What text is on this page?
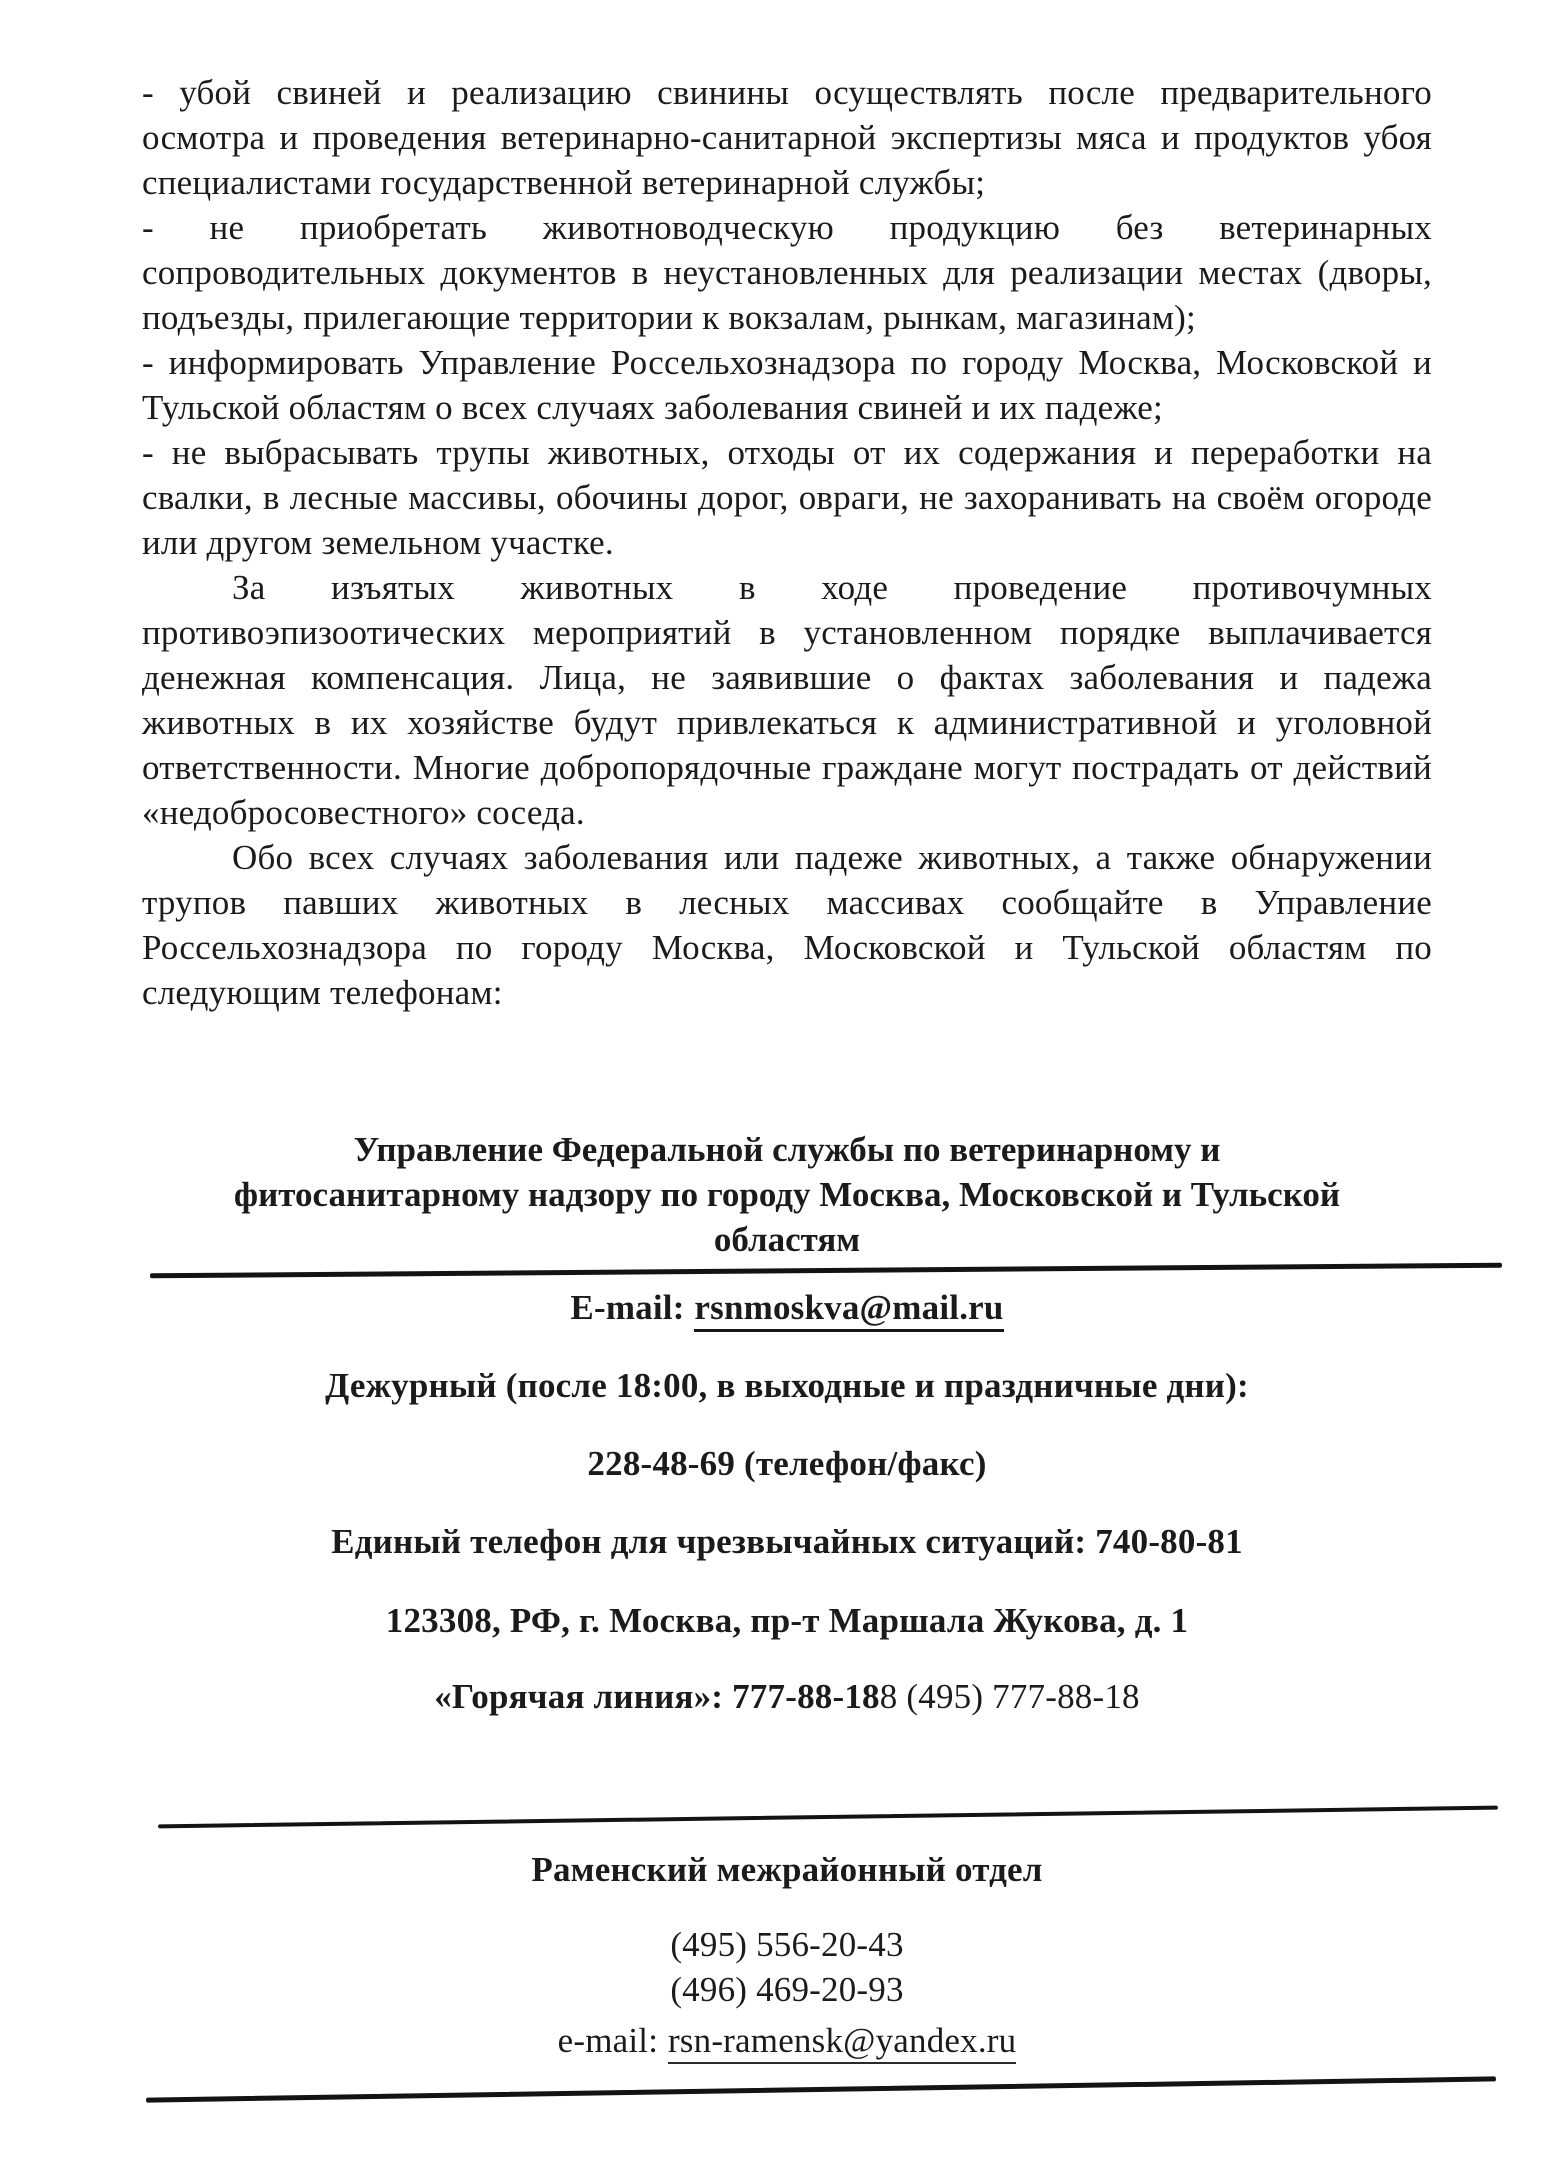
- убой свиней и реализацию свинины осуществлять после предварительного осмотра и проведения ветеринарно-санитарной экспертизы мяса и продуктов убоя специалистами государственной ветеринарной службы;

- не приобретать животноводческую продукцию без ветеринарных сопроводительных документов в неустановленных для реализации местах (дворы, подъезды, прилегающие территории к вокзалам, рынкам, магазинам);

- информировать Управление Россельхознадзора по городу Москва, Московской и Тульской областям о всех случаях заболевания свиней и их падеже;

- не выбрасывать трупы животных, отходы от их содержания и переработки на свалки, в лесные массивы, обочины дорог, овраги, не захоранивать на своём огороде или другом земельном участке.

За изъятых животных в ходе проведение противочумных противоэпизоотических мероприятий в установленном порядке выплачивается денежная компенсация. Лица, не заявившие о фактах заболевания и падежа животных в их хозяйстве будут привлекаться к административной и уголовной ответственности. Многие добропорядочные граждане могут пострадать от действий «недобросовестного» соседа.

Обо всех случаях заболевания или падеже животных, а также обнаружении трупов павших животных в лесных массивах сообщайте в Управление Россельхознадзора по городу Москва, Московской и Тульской областям по следующим телефонам:

Управление Федеральной службы по ветеринарному и
фитосанитарному надзору по городу Москва, Московской и Тульской
областям

E-mail: rsnmoskva@mail.ru

Дежурный (после 18:00, в выходные и праздничные дни):

228-48-69 (телефон/факс)

Единый телефон для чрезвычайных ситуаций: 740-80-81

123308, РФ, г. Москва, пр-т Маршала Жукова, д. 1

«Горячая линия»: 777-88-188 (495) 777-88-18

Раменский межрайонный отдел

(495) 556-20-43

(496) 469-20-93

e-mail: rsn-ramensk@yandex.ru
